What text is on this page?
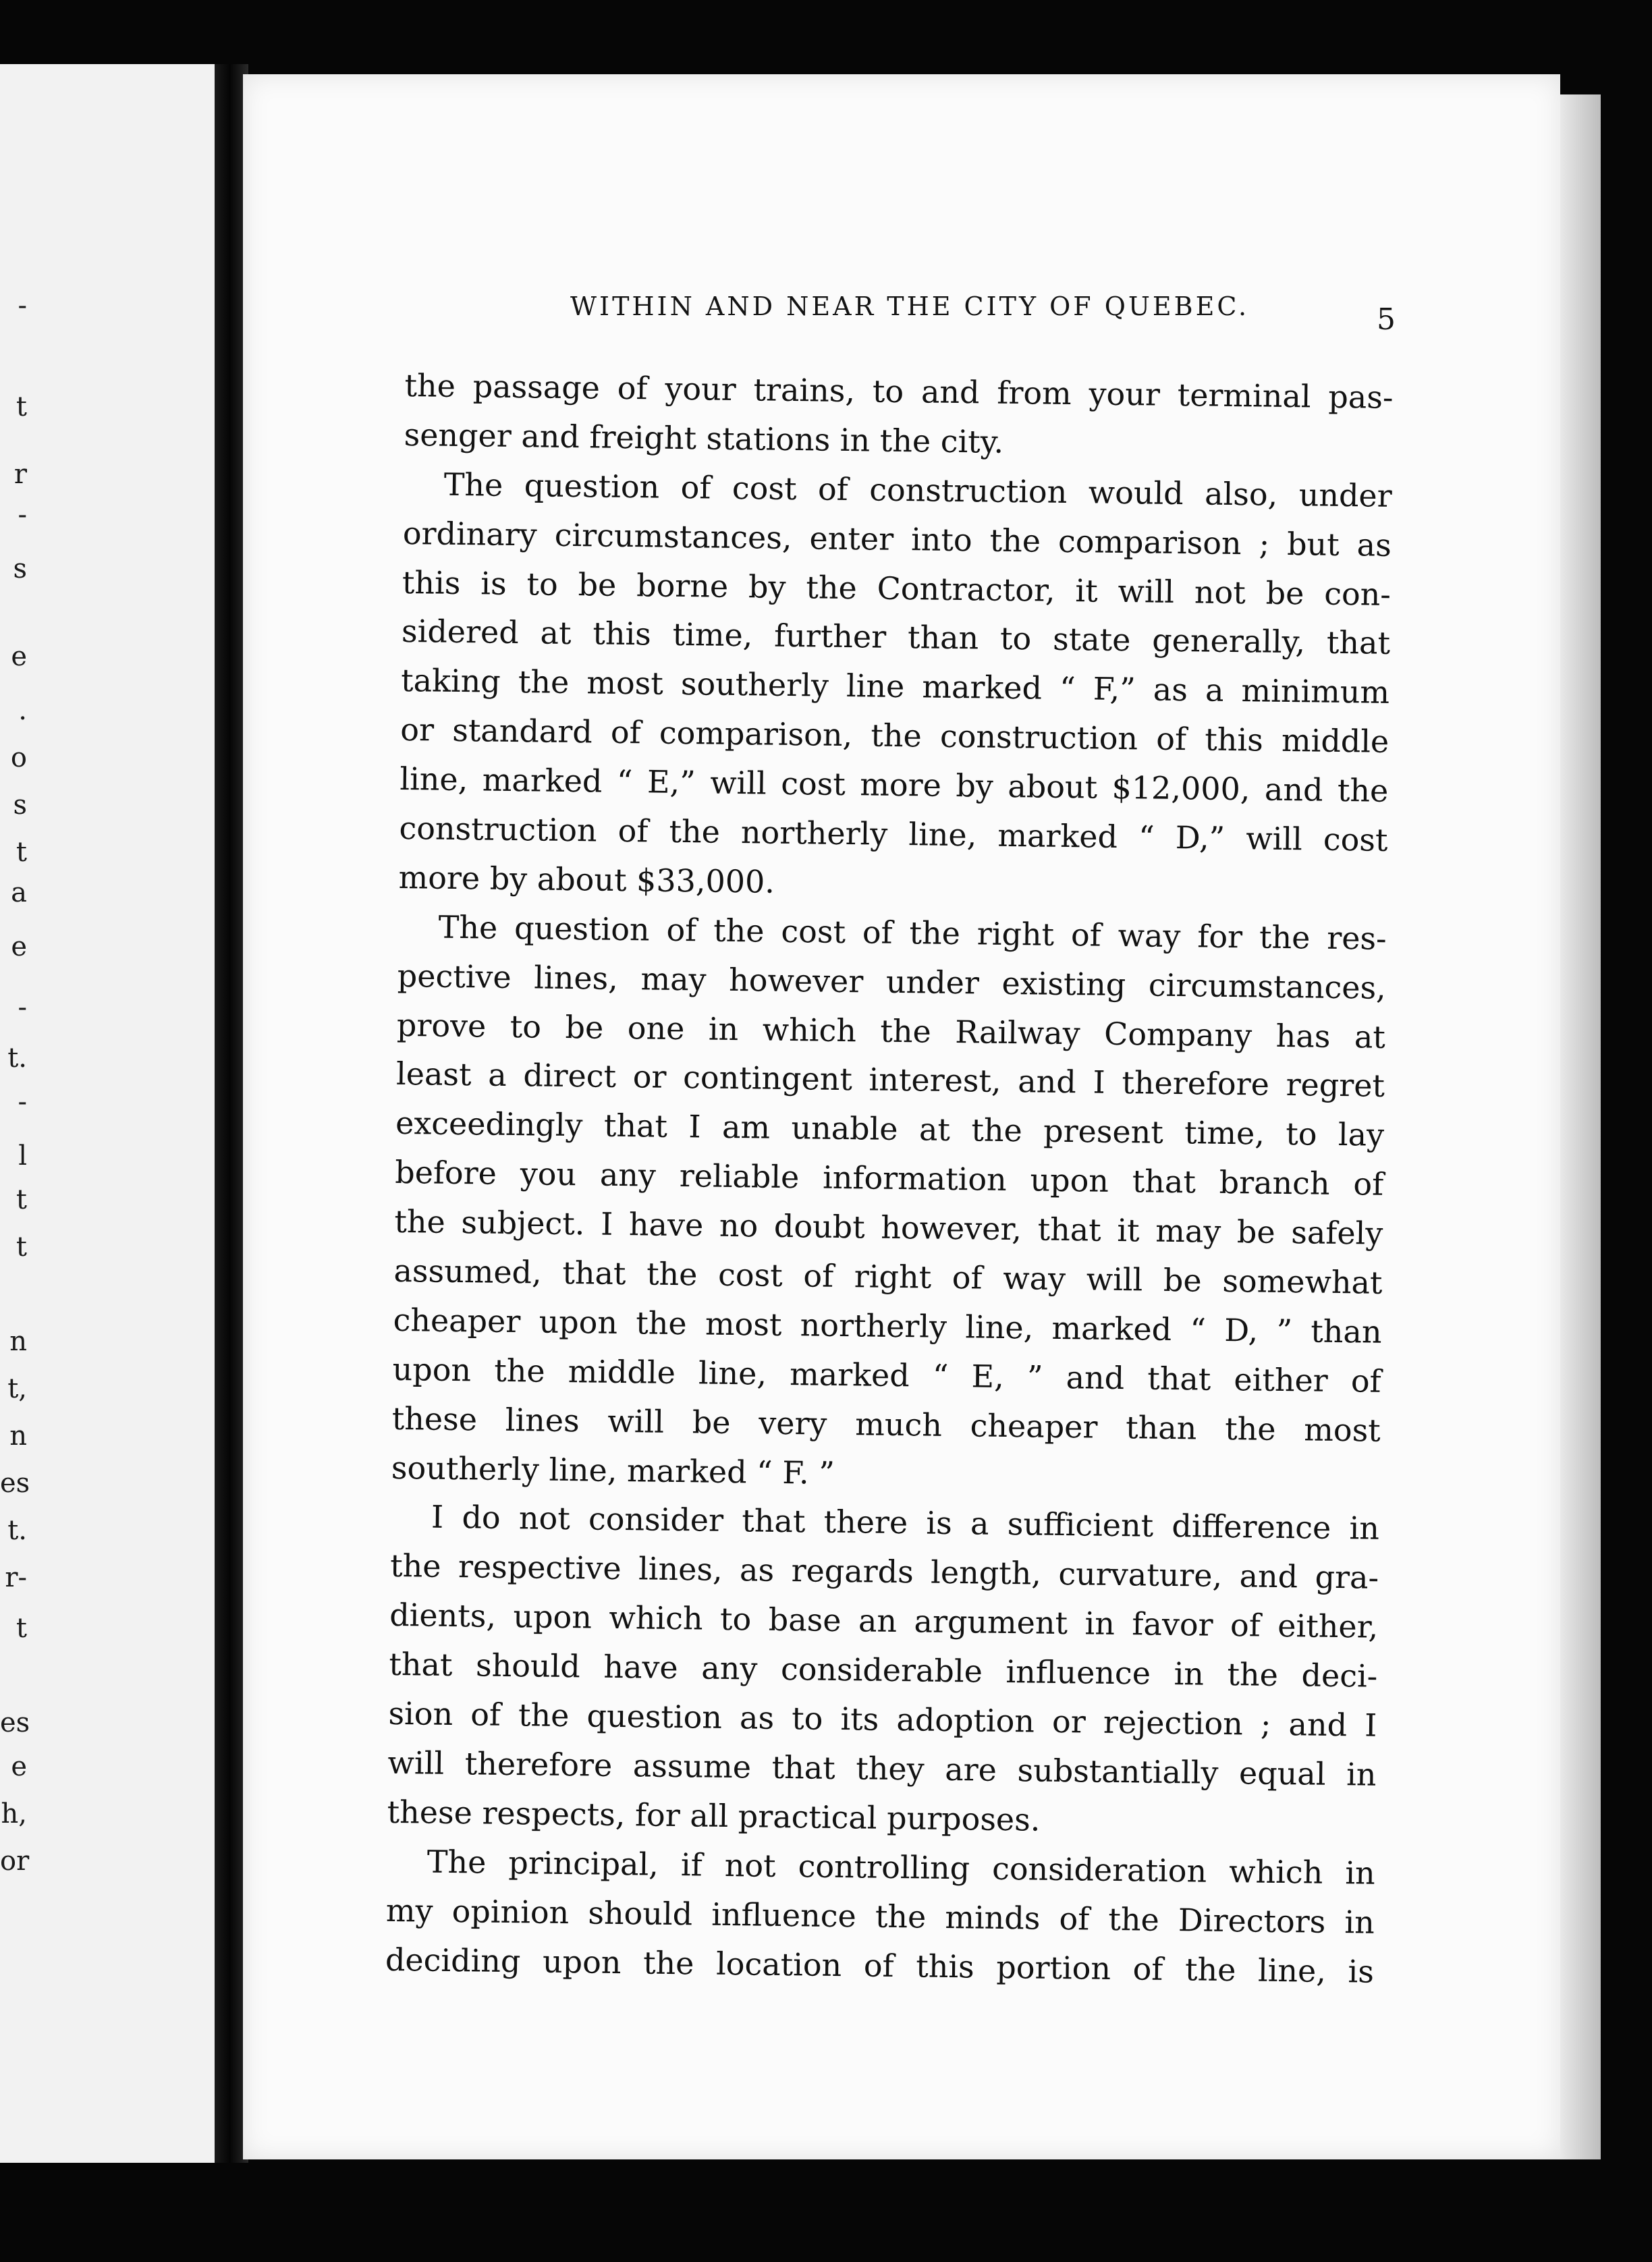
-
t
r
-
s
e
.
o
s
t
a
e
-
t.
-
l
t
t
n
t,
n
es
t.
r-
t
es
e
h,
or
WITHIN AND NEAR THE CITY OF QUEBEC.	5
the passage of your trains, to and from your terminal pas-
senger and freight stations in the city.
The question of cost of construction would also, under
ordinary circumstances, enter into the comparison ; but as
this is to be borne by the Contractor, it will not be con-
sidered at this time, further than to state generally, that
taking the most southerly line marked “ F,” as a minimum
or standard of comparison, the construction of this middle
line, marked “ E,” will cost more by about $12,000, and the
construction of the northerly line, marked “ D,” will cost
more by about $33,000.
The question of the cost of the right of way for the res-
pective lines, may however under existing circumstances,
prove to be one in which the Railway Company has at
least a direct or contingent interest, and I therefore regret
exceedingly that I am unable at the present time, to lay
before you any reliable information upon that branch of
the subject. I have no doubt however, that it may be safely
assumed, that the cost of right of way will be somewhat
cheaper upon the most northerly line, marked “ D, ” than
upon the middle line, marked “ E, ” and that either of
these lines will be very much cheaper than the most
southerly line, marked “ F. ”
I do not consider that there is a sufficient difference in
the respective lines, as regards length, curvature, and gra-
dients, upon which to base an argument in favor of either,
that should have any considerable influence in the deci-
sion of the question as to its adoption or rejection ; and I
will therefore assume that they are substantially equal in
these respects, for all practical purposes.
The principal, if not controlling consideration which in
my opinion should influence the minds of the Directors in
deciding upon the location of this portion of the line, is
